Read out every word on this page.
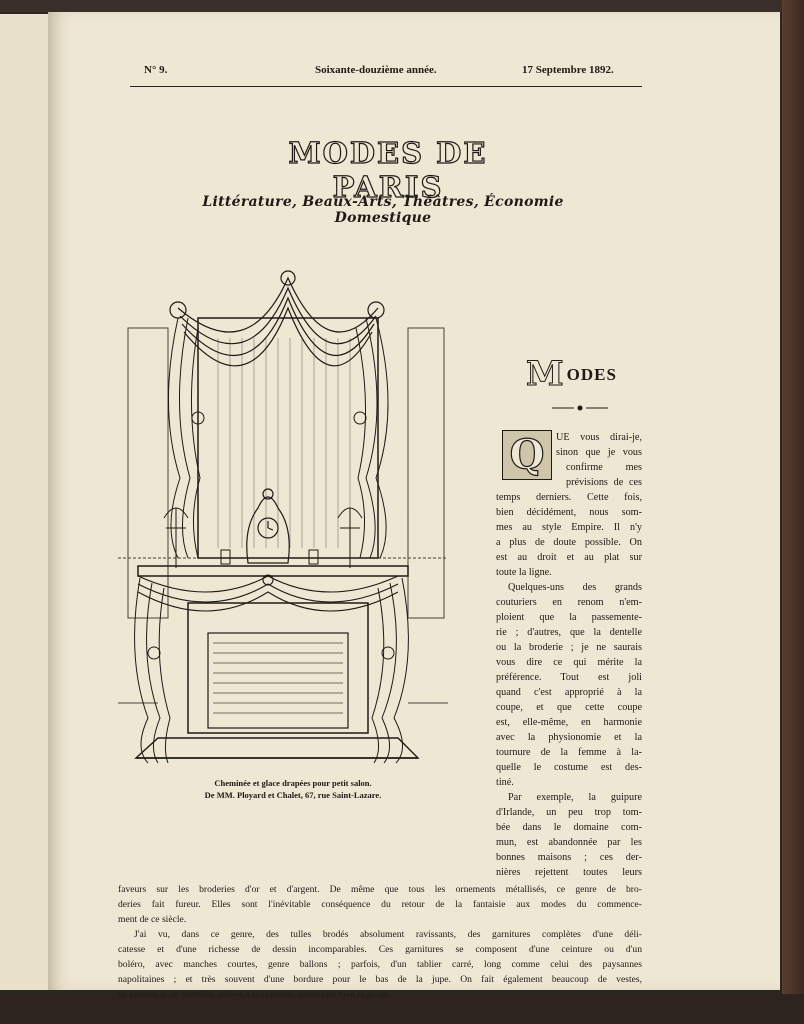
N° 9.	Soixante-douzième année.	17 Septembre 1892.
MODES DE PARIS
Littérature, Beaux-Arts, Théâtres, Économie Domestique
Cheminée et glace drapées pour petit salon.
De MM. Ployard et Chalet, 67, rue Saint-Lazare.
MODES
Q	UE vous dirai-je,
sinon que je vous
confirme mes
prévisions de ces
temps derniers. Cette fois,
bien décidément, nous som-
mes au style Empire. Il n'y
a plus de doute possible. On
est au droit et au plat sur
toute la ligne.
Quelques-uns des grands
couturiers en renom n'em-
ploient que la passemente-
rie ; d'autres, que la dentelle
ou la broderie ; je ne saurais
vous dire ce qui mérite la
préférence. Tout est joli
quand c'est approprié à la
coupe, et que cette coupe
est, elle-même, en harmonie
avec la physionomie et la
tournure de la femme à la-
quelle le costume est des-
tiné.
Par exemple, la guipure
d'Irlande, un peu trop tom-
bée dans le domaine com-
mun, est abandonnée par les
bonnes maisons ; ces der-
nières rejettent toutes leurs
faveurs sur les broderies d'or et d'argent. De même que tous les ornements métallisés, ce genre de bro-
deries fait fureur. Elles sont l'inévitable conséquence du retour de la fantaisie aux modes du commence-
ment de ce siècle.
J'ai vu, dans ce genre, des tulles brodés absolument ravissants, des garnitures complètes d'une déli-
catesse et d'une richesse de dessin incomparables. Ces garnitures se composent d'une ceinture ou d'un
boléro, avec manches courtes, genre ballons ; parfois, d'un tablier carré, long comme celui des paysannes
napolitaines ; et très souvent d'une bordure pour le bas de la jupe. On fait également beaucoup de vestes,
de boléros et de bretelles, reliées à la ceinture, encastrant bien la gorge.
